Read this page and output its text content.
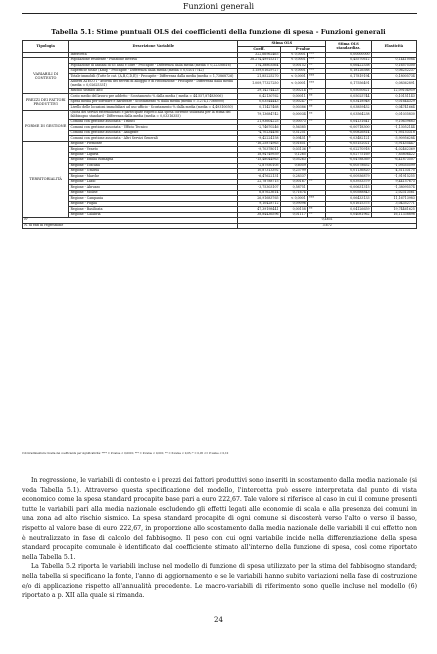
Funzioni generali
Tabella 5.1: Stime puntuali OLS dei coefficienti della funzione di spesa - Funzioni generali
Tipologia	Descrizione Variabile	Stima OLS			Stima OLS standardizz.	Elasticità
		Coeff.	P-value			
	Intercetta	322,66962465	< 0,0001	***	0,00000000	
VARIABILI DI CONTESTO	Popolazione residente - Funzione inversa	38.274,49915317	< 0,0001	***	0,45570612	0,14410084
	Popolazione di anziani di 65 anni e oltre - Procapite - Differenza dalla media (media = 0,22336616)	174,38803564	0,00152	**	0,06422538	0,16575300
	Superficie totale (Kmq) - Procapite - Differenza dalla media (media = 0,02017742)	1.159,01629727	< 0,0001	***	0,18126588	0,06252237
	Totale immobili (Tutte le cat. (A,B,C,D,E)) - Procapite - Differenza dalla media (media = 1,73868726)	21,85225270	< 0,0001	***	0,17819194	0,18005734
	Addetti ATECO I - attività dei servizi di alloggio e di ristorazione - Procapite - Differenza dalla media (media = 0,02625331)	1.009,77327250	< 0,0001	***	0,17556491	0,08362891
	Rischio sismico alto	29,14274423	0,00214	**	0,05050621	12,09104959
PREZZI DEI FATTORI PRODUTTIVI	Costo medio del lavoro per addetto - Scostamento % dalla media ( media = 44.557,87483006)	0,42130762	0,00011	**	0,05025744	0,10151143
	Spesa media per software e hardware - Scostamento % dalla media (media = 3.274,17368000)	0,03544443	0,00247	**	0,03418948	0,01644329
	Livello delle locazioni immobiliari ad uso ufficio - Scostamento % dalla media (media = 4,49310050)	0,11427468	0,00386	**	0,03859452	0,04741664
FORME DI GESTIONE	Quota dei servizi esternalizzati e partecipate rispetto alla spesa corrente utilizzata per la stima del fabbisogno standard - Differenza dalla media (media = 0,03316355)	79,13684742	0,00034	**	0,03564238	0,01035830
	Comuni con gestione associata - Tributi	21,93604225	0,00073	**	0,04131641	9,10639683
	Comuni con gestione associata - Ufficio Tecnico	-2,74670246	0,56385		-0,00718300	-1,13052144
	Comuni con gestione associata - Anagrafe	-4,70234456	0,51251		-0,00826814	-1,95153318
	Comuni con gestione associata - Altri Servizi Generali	-9,42224158	0,09451	*	-0,03482121	-3,90956284
TERRITORIALITÀ	Regione - Piemonte	-16,25874963	0,01651	*	-0,05152021	-3,91455447
	Regione - Veneto	-9,70378011	0,03136	*	-0,02270918	-4,02462369
	Regione - Liguria	18,94749939	0,1265		0,02775169	7,85806422
	Regione - Emilia Romagna	-15,48044963	0,05263	*	-0,04788369	-6,41873507
	Regione - Toscana	-2,87930105	0,6059		-0,00578652	-1,09355599
	Regione - Umbria	10,87313392	0,23799		0,01136820	4,51133175
	Regione - Marche	-6,47622131	0,28337		-0,00936879	-1,91915255
	Regione - Lazio	22,78788715	0,00167	**	0,03933379	9,44157673
	Regione - Abruzzo	-3,75303107	0,58751		-0,00631315	-1,38095574
	Regione - Molise	6,87623614	0,71674		0,00588843	2,02313561
	Regione - Campania	26,91683765	< 0,0001	***	0,06433133	11,16713983
	Regione - Puglia	9,10428712	0,09096		0,01615375	3,04352771
	Regione - Basilicata	47,39198441	0,00158	**	0,04126659	19,74461625
	Regione - Calabria	38,84436596	0,01117	**	0,04081962	16,11338898
R²		0,4651				
N. di enti in regressione		3.672				
Cdi Gradimentura: livella dei coefficients per significatività: **** = P-value < 0,0001; *** = P-value < 0,001; ** = P-value < 0,05; * = 0,05 <= P-value < 0,10

In regressione, le variabili di contesto e i prezzi dei fattori produttivi sono inseriti in scostamento dalla media nazionale (si veda Tabella 5.1). Attraverso questa specificazione del modello, l'intercetta può essere interpretata dal punto di vista economico come la spesa standard procapite base pari a euro 222,67. Tale valore si riferisce al caso in cui il comune presenti tutte le variabili pari alla media nazionale escludendo gli effetti legati alle economie di scala e alla presenza dei comuni in una zona ad alto rischio sismico. La spesa standard procapite di ogni comune si discosterà verso l'alto o verso il basso, rispetto al valore base di euro 222,67, in proporzione allo scostamento dalla media nazionale delle variabili il cui effetto non è neutralizzato in fase di calcolo del fabbisogno. Il peso con cui ogni variabile incide nella differenziazione della spesa standard procapite comunale è identificato dal coefficiente stimato all'interno della funzione di spesa, così come riportato nella Tabella 5.1.

La Tabella 5.2 riporta le variabili incluse nel modello di funzione di spesa utilizzato per la stima del fabbisogno standard; nella tabella si specificano la fonte, l'anno di aggiornamento e se le variabili hanno subito variazioni nella fase di costruzione e/o di applicazione rispetto all'annualità precedente. Le macro-variabili di riferimento sono quelle incluse nel modello (6) riportato a p. XII alla quale si rimanda.

24
